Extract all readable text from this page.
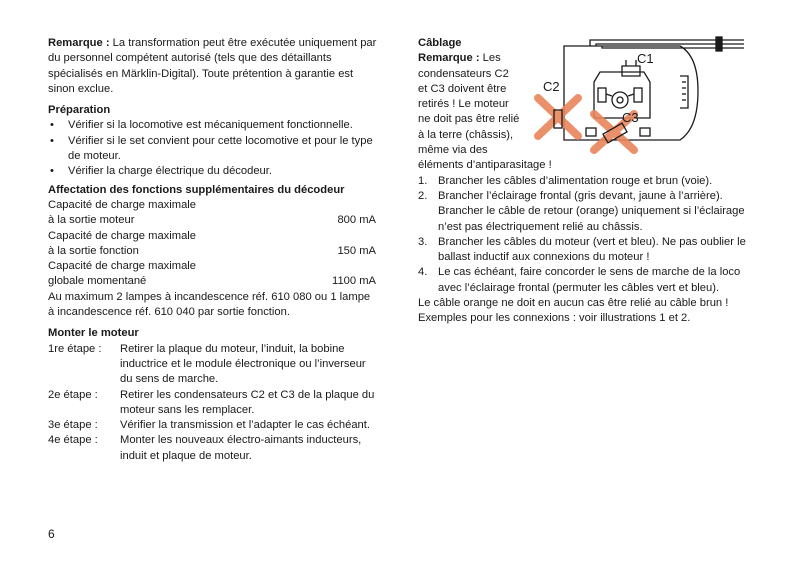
Remarque : La transformation peut être exécutée uniquement par du personnel compétent autorisé (tels que des détaillants spécialisés en Märklin-Digital). Toute prétention à garantie est sinon exclue.

Préparation
• Vérifier si la locomotive est mécaniquement fonctionnelle.
• Vérifier si le set convient pour cette locomotive et pour le type de moteur.
• Vérifier la charge électrique du décodeur.
Affectation des fonctions supplémentaires du décodeur
Capacité de charge maximale
à la sortie moteur	800 mA
Capacité de charge maximale
à la sortie fonction	150 mA
Capacité de charge maximale
globale momentané	1100 mA

Au maximum 2 lampes à incandescence réf. 610 080 ou 1 lampe à incandescence réf. 610 040 par sortie fonction.

Monter le moteur
1re étape :	Retirer la plaque du moteur, l’induit, la bobine inductrice et le module électronique ou l’inverseur du sens de marche.
2e étape :	Retirer les condensateurs C2 et C3 de la plaque du moteur sans les remplacer.
3e étape :	Vérifier la transmission et l’adapter le cas échéant.
4e étape :	Monter les nouveaux électro-aimants inducteurs, induit et plaque de moteur.
Câblage
Remarque : Les
condensateurs C2
et C3 doivent être
retirés ! Le moteur
ne doit pas être relié
à la terre (châssis),
même via des
éléments d’antiparasitage !
1. Brancher les câbles d’alimentation rouge et brun (voie).
2. Brancher l’éclairage frontal (gris devant, jaune à l’arrière). Brancher le câble de retour (orange) uniquement si l’éclairage n’est pas électriquement relié au châssis.
3. Brancher les câbles du moteur (vert et bleu). Ne pas oublier le ballast inductif aux connexions du moteur !
4. Le cas échéant, faire concorder le sens de marche de la loco avec l’éclairage frontal (permuter les câbles vert et bleu).

Le câble orange ne doit en aucun cas être relié au câble brun !

Exemples pour les connexions : voir illustrations 1 et 2.

C1
C2
C3
6
